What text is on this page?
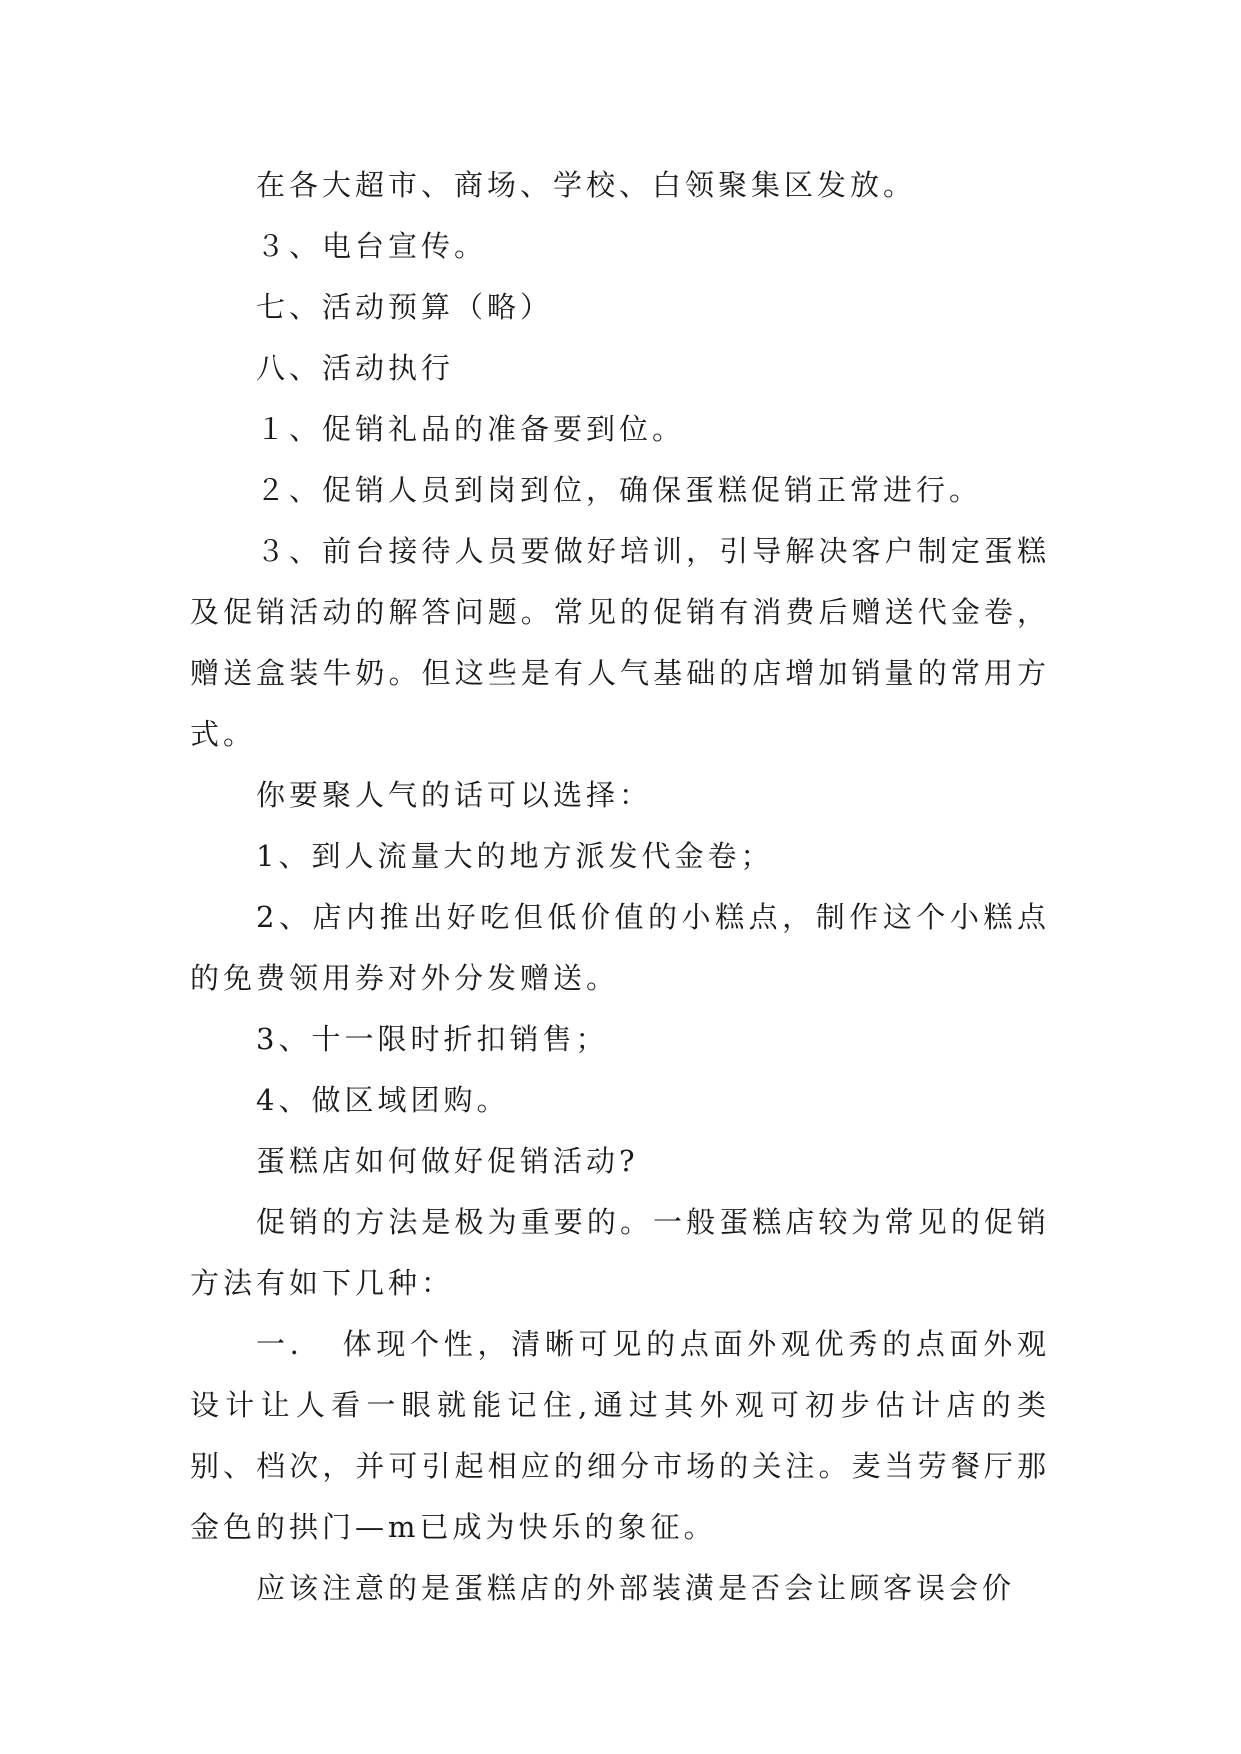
在各大超市、商场、学校、白领聚集区发放。

３、电台宣传。

七、活动预算（略）

八、活动执行

１、促销礼品的准备要到位。

２、促销人员到岗到位，确保蛋糕促销正常进行。

３、前台接待人员要做好培训，引导解决客户制定蛋糕及促销活动的解答问题。常见的促销有消费后赠送代金卷，赠送盒装牛奶。但这些是有人气基础的店增加销量的常用方式。

你要聚人气的话可以选择：

1、到人流量大的地方派发代金卷；

2、店内推出好吃但低价值的小糕点，制作这个小糕点的免费领用券对外分发赠送。

3、十一限时折扣销售；

4、做区域团购。

蛋糕店如何做好促销活动?

促销的方法是极为重要的。一般蛋糕店较为常见的促销方法有如下几种：

一．　体现个性，清晰可见的点面外观优秀的点面外观设计让人看一眼就能记住,通过其外观可初步估计店的类别、档次，并可引起相应的细分市场的关注。麦当劳餐厅那金色的拱门—m已成为快乐的象征。

应该注意的是蛋糕店的外部装潢是否会让顾客误会价
